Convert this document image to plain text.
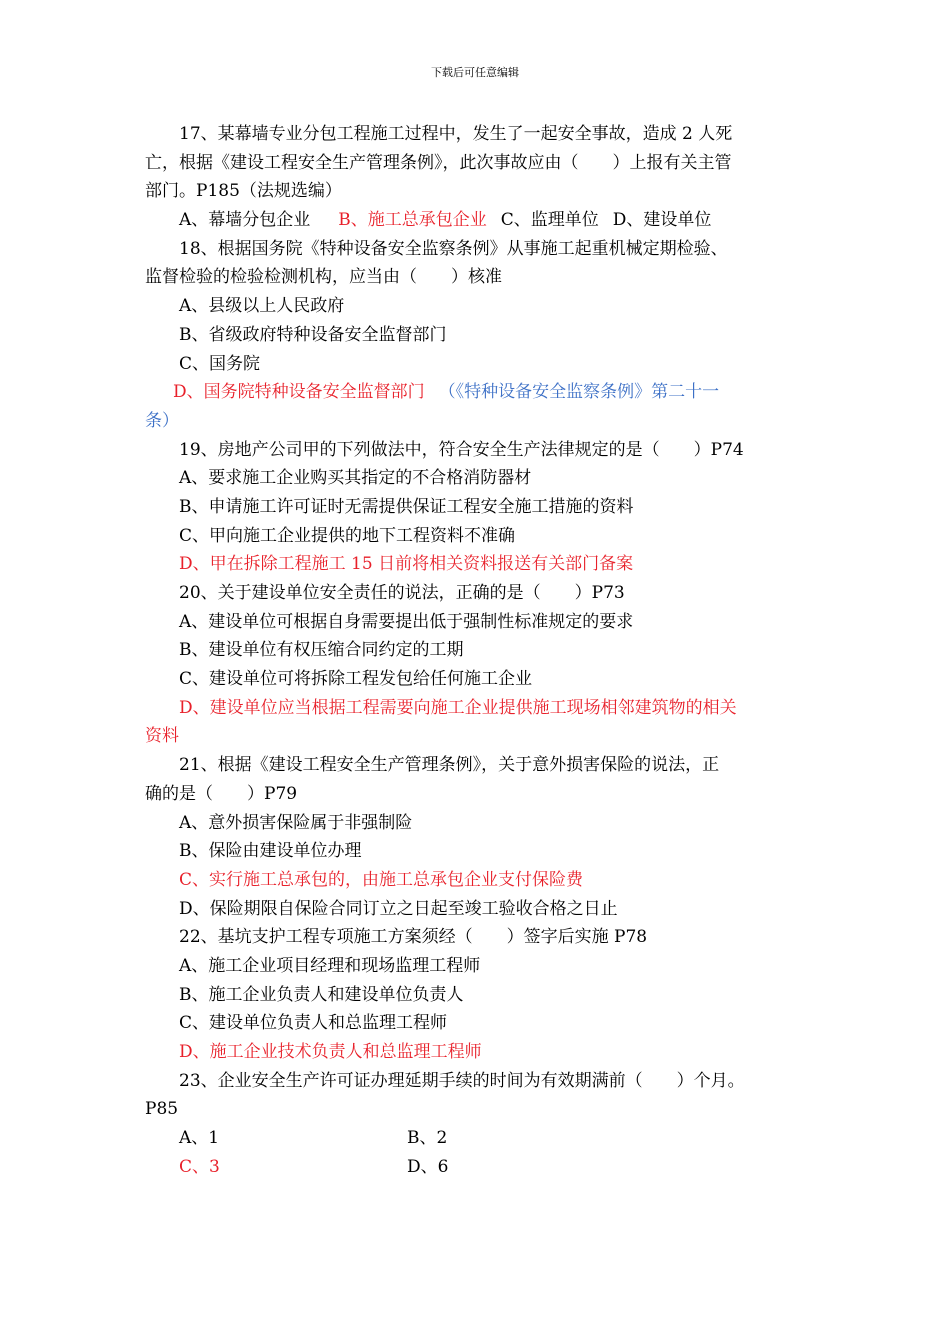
下载后可任意编辑
17、某幕墙专业分包工程施工过程中，发生了一起安全事故，造成 2 人死
亡，根据《建设工程安全生产管理条例》，此次事故应由（　　）上报有关主管
部门。P185（法规选编）
A、幕墙分包企业 B、施工总承包企业 C、监理单位 D、建设单位
18、根据国务院《特种设备安全监察条例》从事施工起重机械定期检验、
监督检验的检验检测机构，应当由（　　）核准
A、县级以上人民政府
B、省级政府特种设备安全监督部门
C、国务院
D、国务院特种设备安全监督部门 （《特种设备安全监察条例》第二十一
条）
19、房地产公司甲的下列做法中，符合安全生产法律规定的是（　　）P74
A、要求施工企业购买其指定的不合格消防器材
B、申请施工许可证时无需提供保证工程安全施工措施的资料
C、甲向施工企业提供的地下工程资料不准确
D、甲在拆除工程施工 15 日前将相关资料报送有关部门备案
20、关于建设单位安全责任的说法，正确的是（　　）P73
A、建设单位可根据自身需要提出低于强制性标准规定的要求
B、建设单位有权压缩合同约定的工期
C、建设单位可将拆除工程发包给任何施工企业
D、建设单位应当根据工程需要向施工企业提供施工现场相邻建筑物的相关
资料
21、根据《建设工程安全生产管理条例》，关于意外损害保险的说法，正
确的是（　　）P79
A、意外损害保险属于非强制险
B、保险由建设单位办理
C、实行施工总承包的，由施工总承包企业支付保险费
D、保险期限自保险合同订立之日起至竣工验收合格之日止
22、基坑支护工程专项施工方案须经（　　）签字后实施 P78
A、施工企业项目经理和现场监理工程师
B、施工企业负责人和建设单位负责人
C、建设单位负责人和总监理工程师
D、施工企业技术负责人和总监理工程师
23、企业安全生产许可证办理延期手续的时间为有效期满前（　　）个月。
P85
A、1	B、2
C、3	D、6
